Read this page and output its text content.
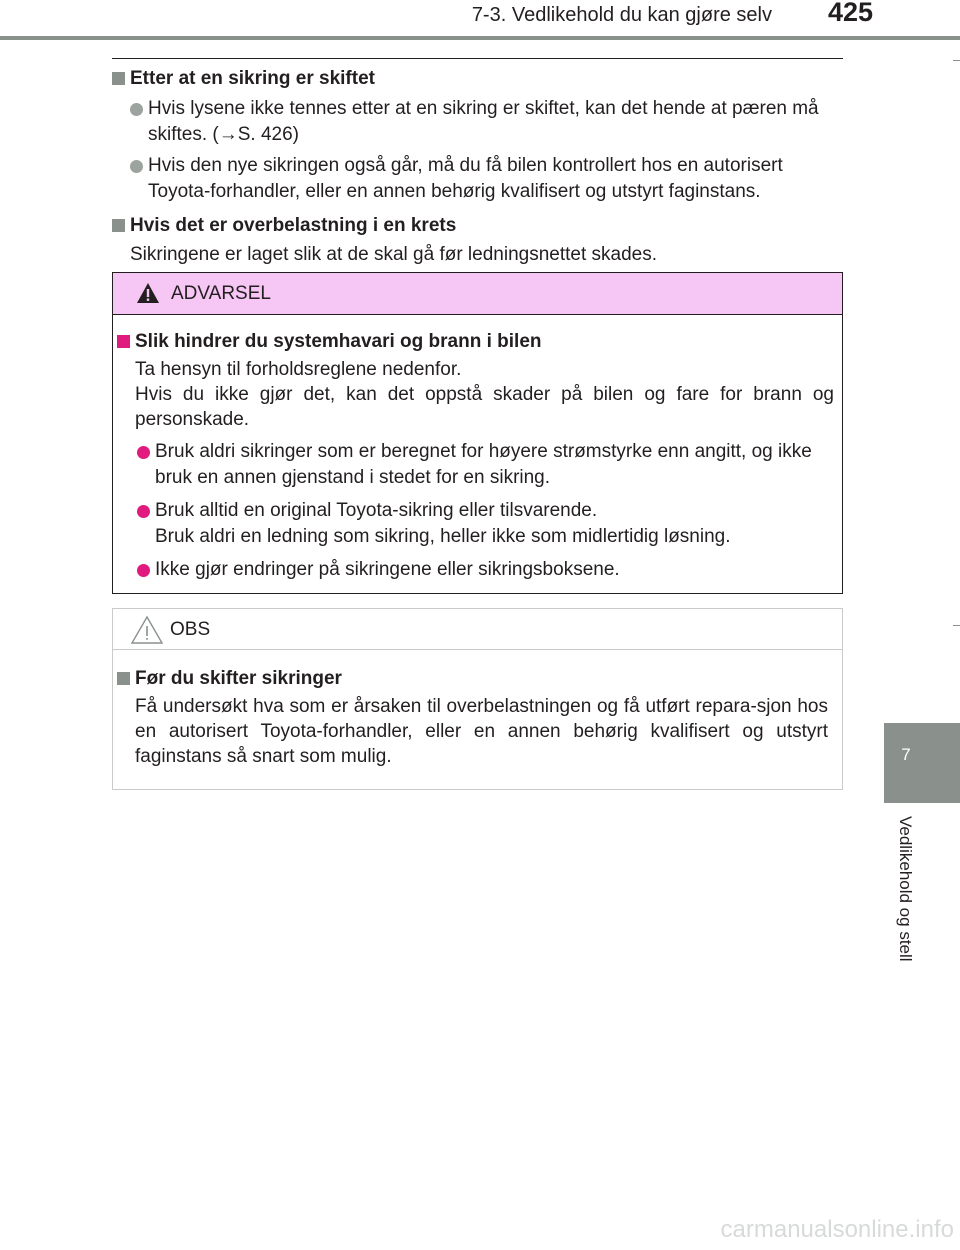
7-3. Vedlikehold du kan gjøre selv 425

Etter at en sikring er skiftet

Hvis lysene ikke tennes etter at en sikring er skiftet, kan det hende at pæren må skiftes. (→S. 426)

Hvis den nye sikringen også går, må du få bilen kontrollert hos en autorisert Toyota-forhandler, eller en annen behørig kvalifisert og utstyrt faginstans.

Hvis det er overbelastning i en krets

Sikringene er laget slik at de skal gå før ledningsnettet skades.

ADVARSEL

Slik hindrer du systemhavari og brann i bilen

Ta hensyn til forholdsreglene nedenfor.

Hvis du ikke gjør det, kan det oppstå skader på bilen og fare for brann og personskade.

Bruk aldri sikringer som er beregnet for høyere strømstyrke enn angitt, og ikke bruk en annen gjenstand i stedet for en sikring.

Bruk alltid en original Toyota-sikring eller tilsvarende.
Bruk aldri en ledning som sikring, heller ikke som midlertidig løsning.

Ikke gjør endringer på sikringene eller sikringsboksene.

OBS

Før du skifter sikringer

Få undersøkt hva som er årsaken til overbelastningen og få utført repara-sjon hos en autorisert Toyota-forhandler, eller en annen behørig kvalifisert og utstyrt faginstans så snart som mulig.	7
Vedlikehold og stell
carmanualsonline.info
